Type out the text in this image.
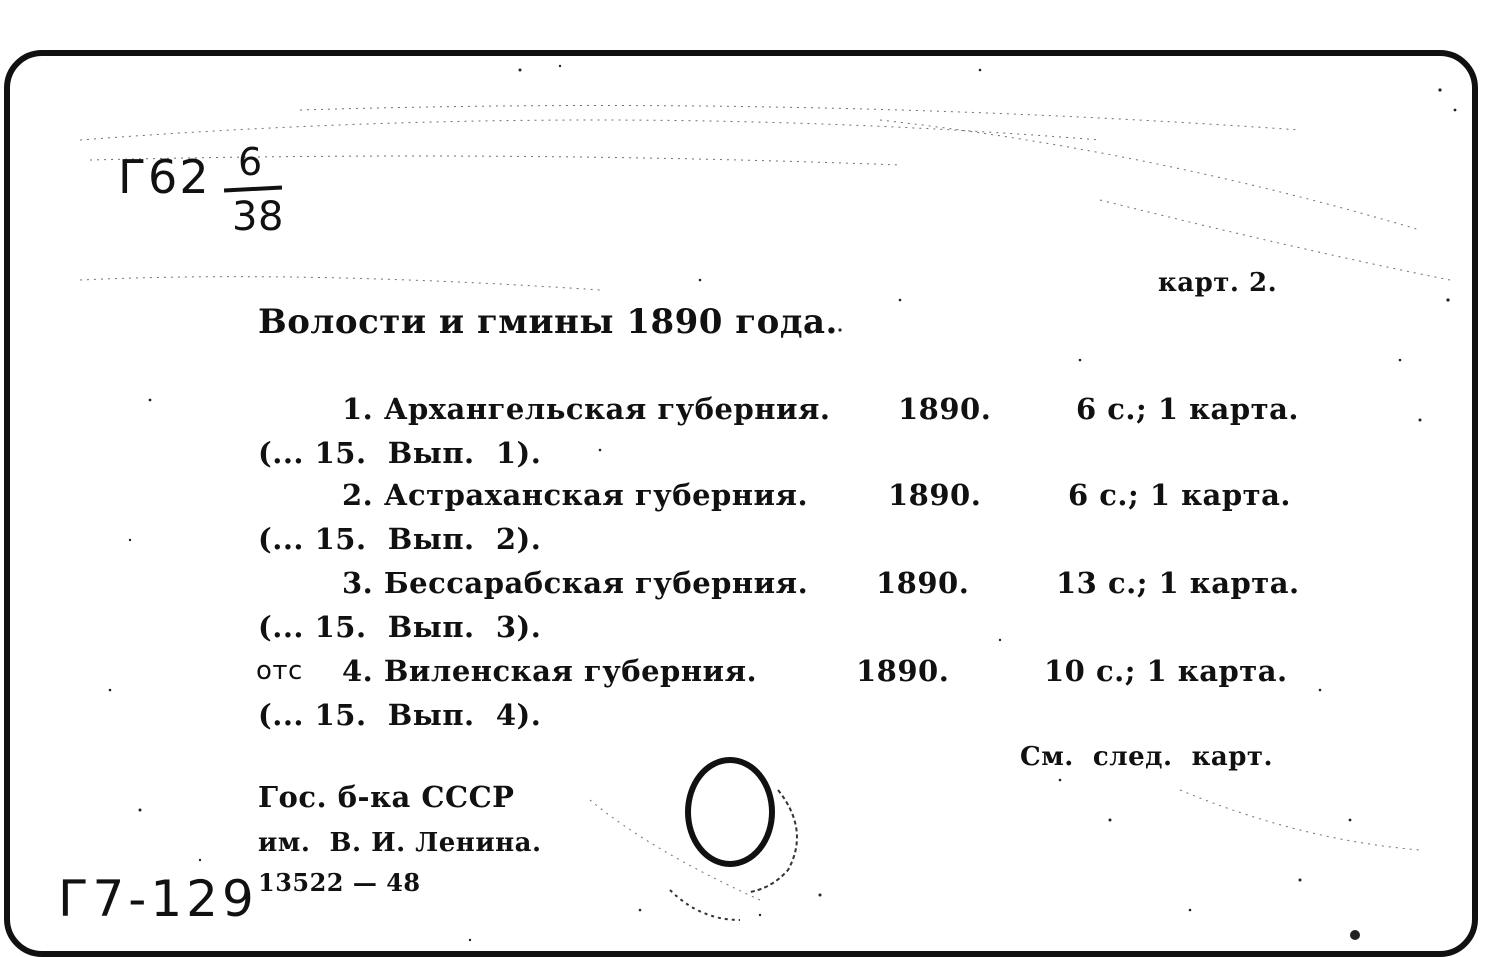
Г62 6
38
карт. 2.
Волости и гмины 1890 года.
1. Архангельская губерния. 1890.	6 с.; 1 карта.
(... 15.  Вып.  1).
2. Астраханская губерния.	1890.	6 с.; 1 карта.
(... 15.  Вып.  2).
3. Бессарабская губерния. 1890.	13 с.; 1 карта.
(... 15.  Вып.  3).
отс 4. Виленская губерния.	1890.	10 с.; 1 карта.
(... 15.  Вып.  4).
См.  след.  карт.
Гос. б-ка СССР
им.  В. И. Ленина.
13522 — 48
Г7-129
